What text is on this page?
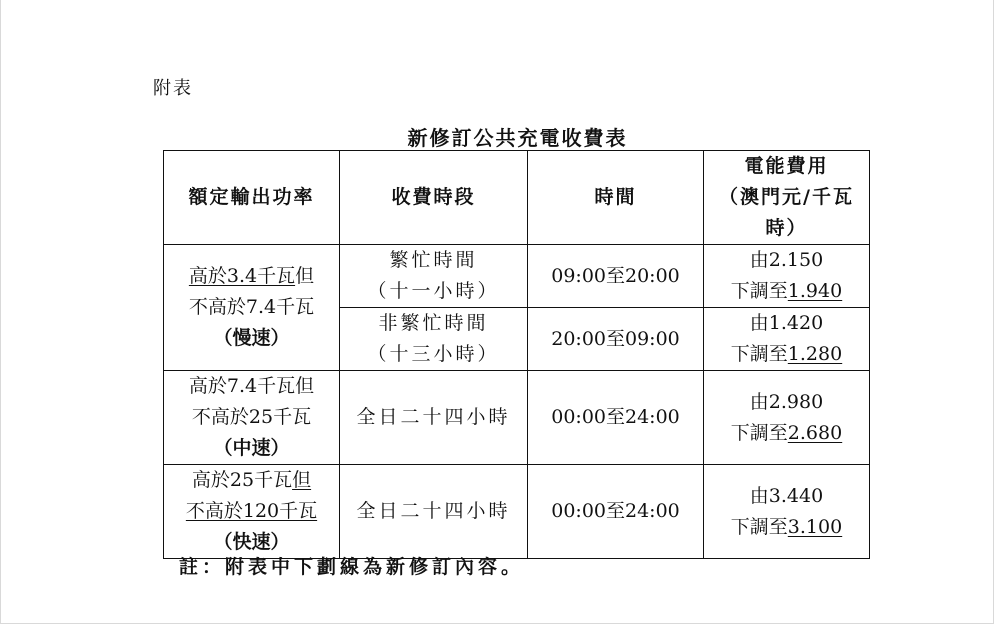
附表
新修訂公共充電收費表
額定輸出功率	收費時段	時間	電能費用
（澳門元/千瓦
時）

高於3.4千瓦但
不高於7.4千瓦
（慢速）	繁忙時間
（十一小時）	09:00至20:00	由2.150
下調至1.940

	非繁忙時間
（十三小時）	20:00至09:00	由1.420
下調至1.280

高於7.4千瓦但
不高於25千瓦
（中速）	全日二十四小時	00:00至24:00	由2.980
下調至2.680

高於25千瓦但
不高於120千瓦
（快速）	全日二十四小時	00:00至24:00	由3.440
下調至3.100
註：附表中下劃線為新修訂內容。
